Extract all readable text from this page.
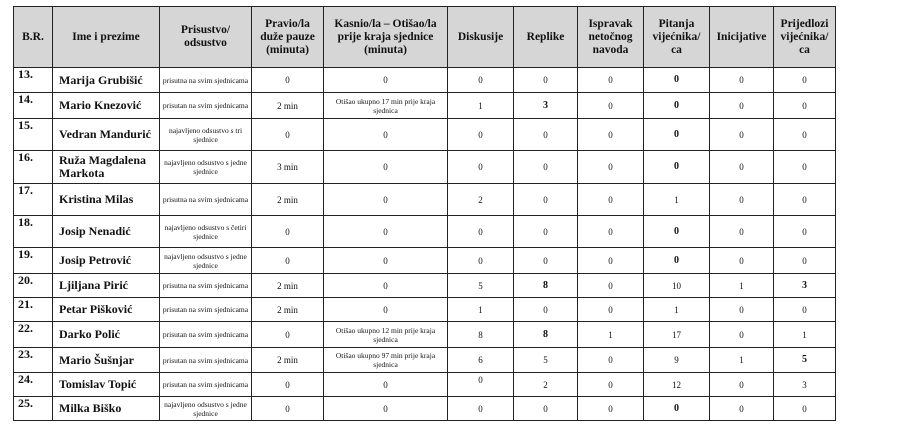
B.R.	Ime i prezime	Prisustvo/ odsustvo	Pravio/la duže pauze (minuta)	Kasnio/la – Otišao/la prije kraja sjednice (minuta)	Diskusije	Replike	Ispravak netočnog navoda	Pitanja vijećnika/ ca	Inicijative	Prijedlozi vijećnika/ ca
13.	Marija Grubišić	prisutna na svim sjednicama	0	0	0	0	0	0	0	0
14.	Mario Knezović	prisutan na svim sjednicama	2 min	Otišao ukupno 17 min prije kraja sjednica	1	3	0	0	0	0
15.	Vedran Mandurić	najavljeno odsustvo s tri sjednice	0	0	0	0	0	0	0	0
16.	Ruža Magdalena Markota	najavljeno odsustvo s jedne sjednice	3 min	0	0	0	0	0	0	0
17.	Kristina Milas	prisutna na svim sjednicama	2 min	0	2	0	0	1	0	0
18.	Josip Nenadić	najavljeno odsustvo s četiri sjednice	0	0	0	0	0	0	0	0
19.	Josip Petrović	najavljeno odsustvo s jedne sjednice	0	0	0	0	0	0	0	0
20.	Ljiljana Pirić	prisutna na svim sjednicama	2 min	0	5	8	0	10	1	3
21.	Petar Pišković	prisutan na svim sjednicama	2 min	0	1	0	0	1	0	0
22.	Darko Polić	prisutan na svim sjednicama	0	Otišao ukupno 12 min prije kraja sjednica	8	8	1	17	0	1
23.	Mario Šušnjar	prisutan na svim sjednicama	2 min	Otišao ukupno 97 min prije kraja sjednica	6	5	0	9	1	5
24.	Tomislav Topić	prisutan na svim sjednicama	0	0	0	2	0	12	0	3
25.	Milka Biško	najavljeno odsustvo s jedne sjednice	0	0	0	0	0	0	0	0
